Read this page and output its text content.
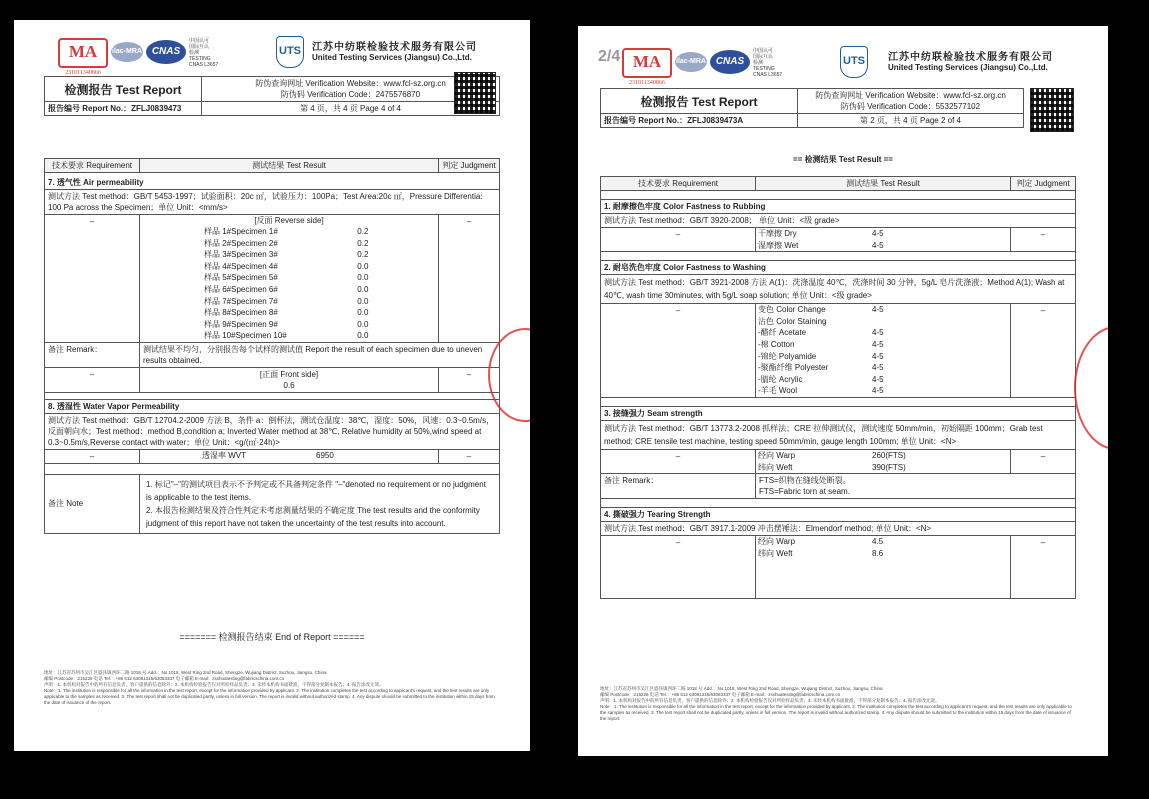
MA
231011340866
ilac-MRA CNAS
中国认可
国际互认
检测
TESTING
CNAS L3657
UTS	江苏中纺联检验技术服务有限公司
United Testing Services (Jiangsu) Co.,Ltd.
检测报告 Test Report	防伪查询网址 Verification Website：www.fcl-sz.org.cn
防伪码 Verification Code：2475576870

报告编号 Report No.：ZFLJ0839473	第 4 页，共 4 页 Page 4 of 4
技术要求 Requirement	测试结果 Test Result	判定 Judgment
7. 透气性 Air permeability
测试方法 Test method：GB/T 5453-1997；试验面积：20c ㎡，试验压力：100Pa；Test Area:20c ㎡，Pressure Differentia: 100 Pa across the Specimen；单位 Unit：<mm/s>
–	[反面 Reverse side]
样品 1#Specimen 1#	0.2
样品 2#Specimen 2#	0.2
样品 3#Specimen 3#	0.2
样品 4#Specimen 4#	0.0
样品 5#Specimen 5#	0.0
样品 6#Specimen 6#	0.0
样品 7#Specimen 7#	0.0
样品 8#Specimen 8#	0.0
样品 9#Specimen 9#	0.0
样品 10#Specimen 10#	0.0
	–
备注 Remark：	测试结果不均匀，分别报告每个试样的测试值 Report the result of each specimen due to uneven results obtained.
–	[正面 Front side]
0.6
	–

8. 透湿性 Water Vapor Permeability
测试方法 Test method：GB/T 12704.2-2009 方法 B，条件 a：倒杯法，测试仓温度：38℃，湿度：50%，风速：0.3~0.5m/s，反面朝向水；Test method：method B,condition a; Inverted Water method at 38℃, Relative humidity at 50%,wind speed at 0.3~0.5m/s,Reverse contact with water；单位 Unit：<g/(㎡·24h)>
–		透湿率 WVT	6950
		–

备注 Note	
1. 标记"–"的测试项目表示不予判定或不具备判定条件 "–"denoted no requirement or no judgment is applicable to the test items.
2. 本报告检测结果及符合性判定未考虑测量结果的不确定度 The test results and the conformity judgment of this report have not taken the uncertainty of the test results into account.
======= 检测报告结束 End of Report ======
地址：江苏省苏州市吴江区盛泽镇西环二路 1018 号 Add.：No.1018, West Ring 2nd Road, Shengze, Wujiang District, Suzhou, Jiangsu, China
邮编 Postcode：215228 电话 Tel.：+86 512 63081315/63083337 电子邮箱 E-mail：zsshuatesting@fabricschina.com.cn
声明：1. 本机构对报告中的所有信息负责，客户提供的信息除外；2. 本机构检验报告仅对所检样品负责；3. 未经本机构书面批准，不得部分复制本报告；4. 报告涂改无效。
Note：1. The institution is responsible for all the information in the test report, except for the information provided by applicant. 2. The institution completes the test according to applicant's request, and the test results are only applicable to the samples as received. 3. The test report shall not be duplicated partly, unless in full version. The report is invalid without authorized stamp. 4. Any dispute should be submitted to the institution within 15 days from the date of issuance of the report.
2/4 MA
231011340866
ilac-MRA CNAS
中国认可
国际互认
检测
TESTING
CNAS L3657
UTS	江苏中纺联检验技术服务有限公司
United Testing Services (Jiangsu) Co.,Ltd.
检测报告 Test Report	防伪查询网址 Verification Website：www.fcl-sz.org.cn
防伪码 Verification Code：5532577102

报告编号 Report No.：ZFLJ0839473A	第 2 页，共 4 页 Page 2 of 4
== 检测结果 Test Result ==
技术要求 Requirement	测试结果 Test Result	判定 Judgment

1. 耐摩擦色牢度 Color Fastness to Rubbing
测试方法 Test method：GB/T 3920-2008； 单位 Unit：<级 grade>
–		干摩擦 Dry	4-5
湿摩擦 Wet	4-5
	–

2. 耐皂洗色牢度 Color Fastness to Washing
测试方法 Test method：GB/T 3921-2008 方法 A(1)：洗涤温度 40℃，洗涤时间 30 分钟，5g/L 皂片洗涤液；Method A(1); Wash at 40℃, wash time 30minutes, with 5g/L soap solution; 单位 Unit：<级 grade>
–		变色 Color Change	4-5
沾色 Color Staining	
-醋纤 Acetate	4-5
-棉 Cotton	4-5
-锦纶 Polyamide	4-5
-聚酯纤维 Polyester	4-5
-腈纶 Acrylic	4-5
-羊毛 Wool	4-5
	–

3. 接缝强力 Seam strength
测试方法 Test method：GB/T 13773.2-2008 抓样法；CRE 拉伸测试仪，测试速度 50mm/min，初始隔距 100mm；Grab test method; CRE tensile test machine, testing speed 50mm/min, gauge length 100mm; 单位 Unit：<N>
–		经向 Warp	260(FTS)
纬向 Weft	390(FTS)
	–
备注 Remark：	FTS=织物在缝线处断裂。
FTS=Fabric torn at seam.

4. 撕破强力 Tearing Strength
测试方法 Test method：GB/T 3917.1-2009 冲击摆锤法：Elmendorf method; 单位 Unit：<N>
–		经向 Warp	4.5
纬向 Weft	8.6
	–
地址：江苏省苏州市吴江区盛泽镇西环二路 1018 号 Add.：No.1018, West Ring 2nd Road, Shengze, Wujiang District, Suzhou, Jiangsu, China
邮编 Postcode：215228 电话 Tel.：+86 512 63081315/63083337 电子邮箱 E-mail：zsshuatesting@fabricschina.com.cn
声明：1. 本机构对报告中的所有信息负责，客户提供的信息除外；2. 本机构检验报告仅对所检样品负责；3. 未经本机构书面批准，不得部分复制本报告；4. 报告涂改无效。
Note：1. The institution is responsible for all the information in the test report, except for the information provided by applicant. 2. The institution completes the test according to applicant's request, and the test results are only applicable to the samples as received. 3. The test report shall not be duplicated partly, unless in full version. The report is invalid without authorized stamp. 4. Any dispute should be submitted to the institution within 15 days from the date of issuance of the report.
